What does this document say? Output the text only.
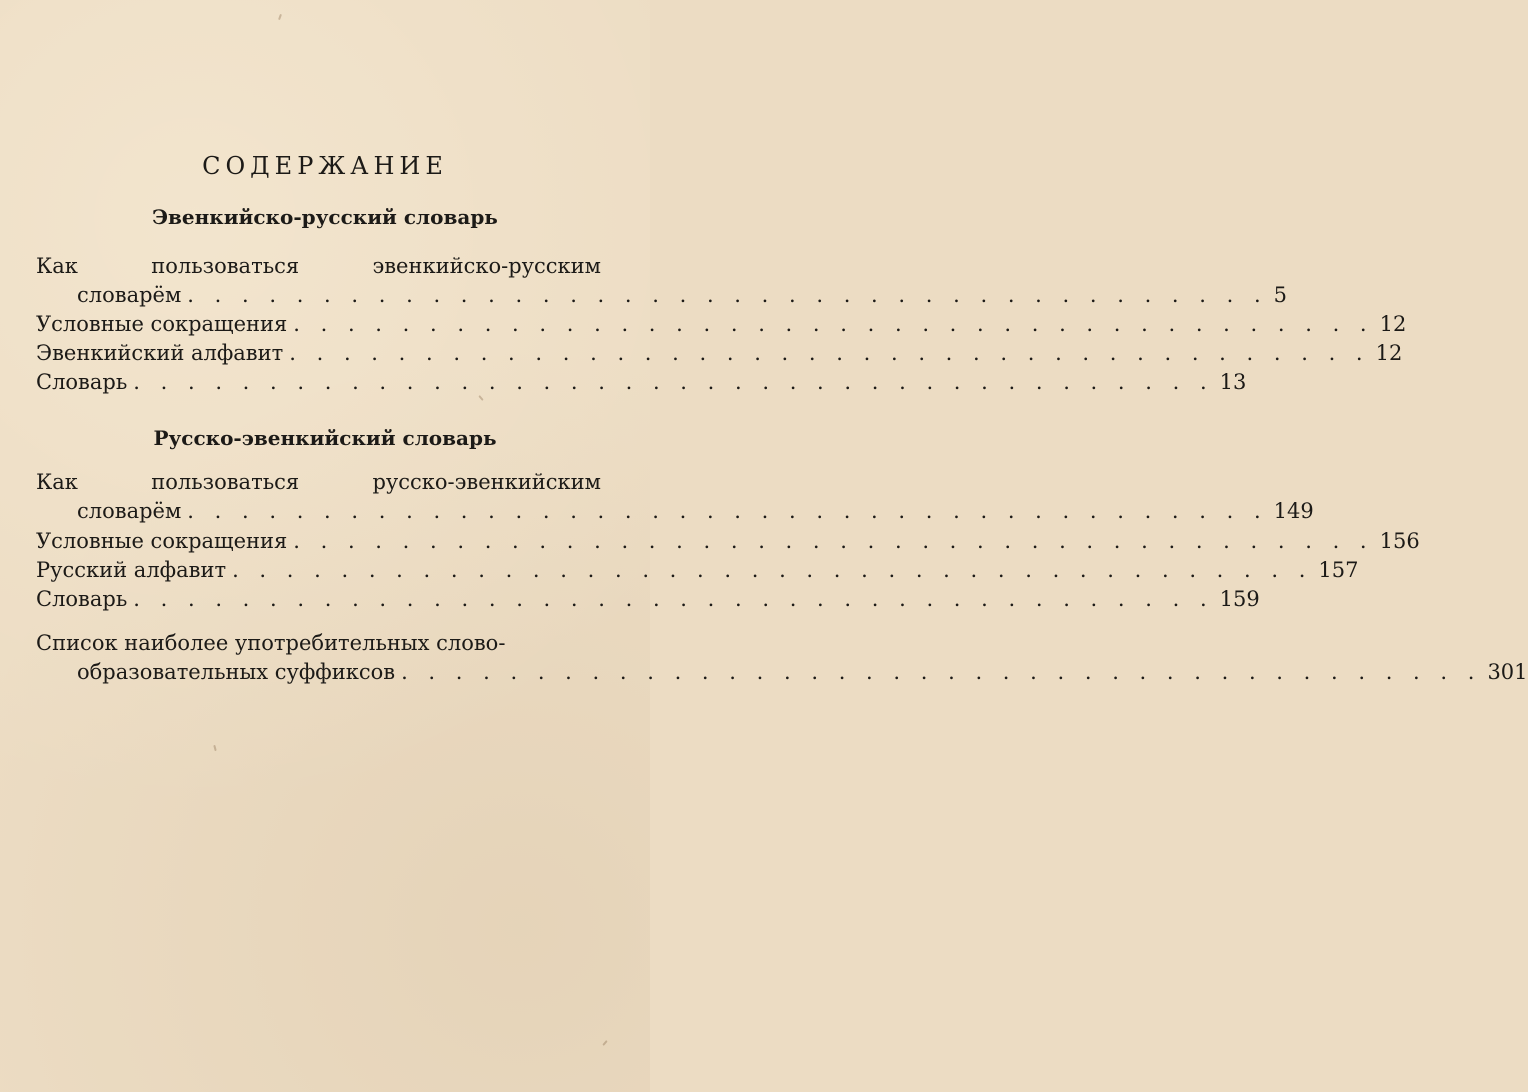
СОДЕРЖАНИЕ
Эвенкийско-русский словарь
Как	пользоваться	эвенкийско-русским
словарём . . . . . . . . . . . . . . . . . . . . . . . . . . . . . . . . . . . . . . . . 5
Условные сокращения . . . . . . . . . . . . . . . . . . . . . . . . . . . . . . . . . . . . . . . . 12
Эвенкийский алфавит . . . . . . . . . . . . . . . . . . . . . . . . . . . . . . . . . . . . . . . . 12
Словарь . . . . . . . . . . . . . . . . . . . . . . . . . . . . . . . . . . . . . . . . 13
Русско-эвенкийский словарь
Как	пользоваться	русско-эвенкийским
словарём . . . . . . . . . . . . . . . . . . . . . . . . . . . . . . . . . . . . . . . . 149
Условные сокращения . . . . . . . . . . . . . . . . . . . . . . . . . . . . . . . . . . . . . . . . 156
Русский алфавит . . . . . . . . . . . . . . . . . . . . . . . . . . . . . . . . . . . . . . . . 157
Словарь . . . . . . . . . . . . . . . . . . . . . . . . . . . . . . . . . . . . . . . . 159
Список наиболее употребительных слово-
образовательных суффиксов . . . . . . . . . . . . . . . . . . . . . . . . . . . . . . . . . . . . . . . . 301
